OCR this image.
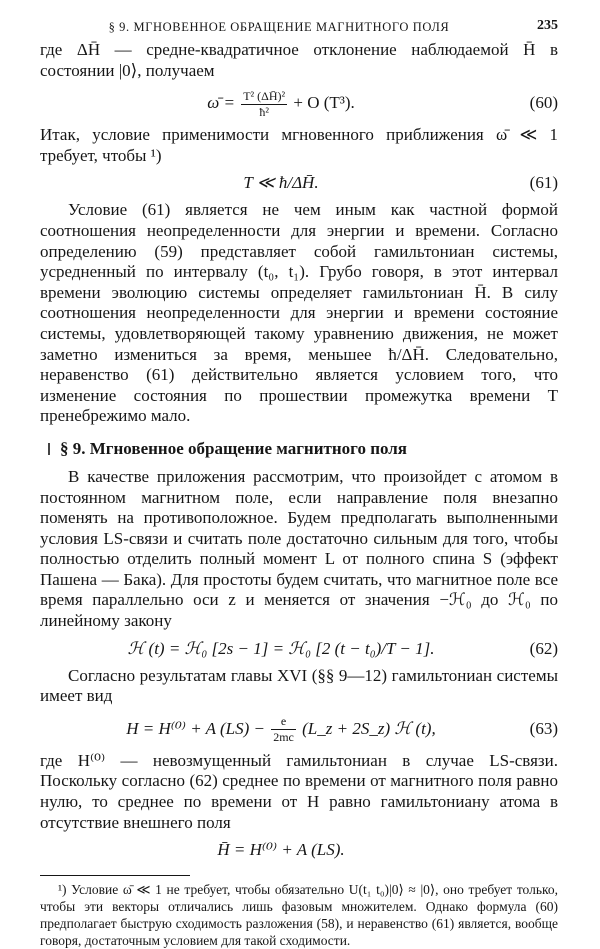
§ 9. МГНОВЕННОЕ ОБРАЩЕНИЕ МАГНИТНОГО ПОЛЯ	235

где ΔH̄ — средне-квадратичное отклонение наблюдаемой H̄ в состоянии |0⟩, получаем

ω̄ = $\frac{\text{T² (ΔH̄)²}}{\text{ħ²}} + O$ (T³).	(60)

Итак, условие применимости мгновенного приближения ω̄ ≪ 1 требует, чтобы ¹)

T ≪ ħ/ΔH̄.	(61)

Условие (61) является не чем иным как частной формой соотношения неопределенности для энергии и времени. Согласно определению (59) представляет собой гамильтониан системы, усредненный по интервалу (t₀, t₁). Грубо говоря, в этот интервал времени эволюцию системы определяет гамильтониан H̄. В силу соотношения неопределенности для энергии и времени состояние системы, удовлетворяющей такому уравнению движения, не может заметно измениться за время, меньшее ħ/ΔH̄. Следовательно, неравенство (61) действительно является условием того, что изменение состояния по прошествии промежутка времени T пренебрежимо мало.

§ 9. Мгновенное обращение магнитного поля

В качестве приложения рассмотрим, что произойдет с атомом в постоянном магнитном поле, если направление поля внезапно поменять на противоположное. Будем предполагать выполненными условия LS-связи и считать поле достаточно сильным для того, чтобы полностью отделить полный момент L от полного спина S (эффект Пашена — Бака). Для простоты будем считать, что магнитное поле все время параллельно оси z и меняется от значения −ℋ₀ до ℋ₀ по линейному закону

ℋ (t) = ℋ₀ [2s − 1] = ℋ₀ [2 (t − t₀)/T − 1].	(62)

Согласно результатам главы XVI (§§ 9—12) гамильтониан системы имеет вид

H = H⁽⁰⁾ + A $(LS) - \frac{e}{2mc}$ (L_z + 2S_z) ℋ (t),	(63)

где H⁽⁰⁾ — невозмущенный гамильтониан в случае LS-связи. Поскольку согласно (62) среднее по времени от магнитного поля равно нулю, то среднее по времени от H равно гамильтониану атома в отсутствие внешнего поля

H̄ = H⁽⁰⁾ + A (LS).

¹) Условие ω̄ ≪ 1 не требует, чтобы обязательно U(t₁ t₀)|0⟩ ≈ |0⟩, оно требует только, чтобы эти векторы отличались лишь фазовым множителем. Однако формула (60) предполагает быструю сходимость разложения (58), и неравенство (61) является, вообще говоря, достаточным условием для такой сходимости.
